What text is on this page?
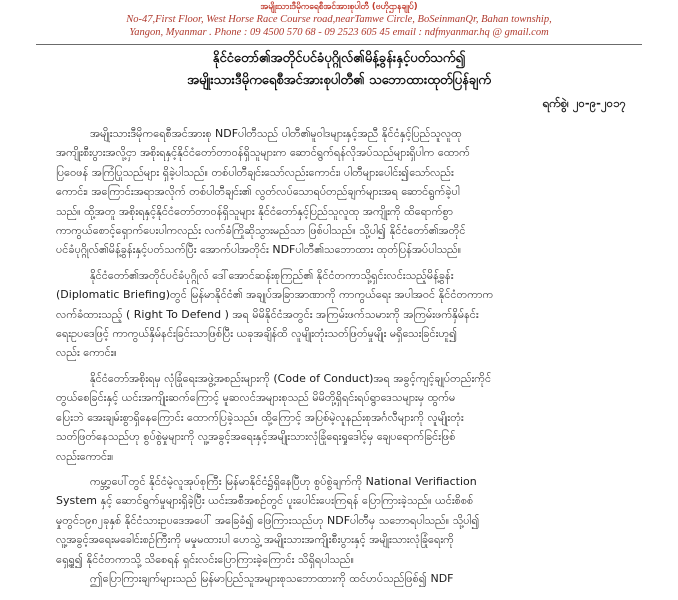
အမျိုးသားဒီမိုကရေစီအင်အားစုပါတီ (ဗဟိုဌာနချုပ်)
No-47,First Floor, West Horse Race Course road,nearTamwe Circle, BoSeinmanQr, Bahan township,
Yangon, Myanmar . Phone : 09 4500 570 68 - 09 2523 605 45 email : ndfmyanmar.hq @ gmail.com
နိုင်ငံတော်၏အတိုင်ပင်ခံပုဂ္ဂိုလ်၏မိန့်ခွန်းနှင့်ပတ်သက်၍
အမျိုးသားဒီမိုကရေစီအင်အားစုပါတီ၏ သဘောထားထုတ်ပြန်ချက်
ရက်စွဲ၊ ၂၀-၉-၂၀၁၇
အမျိုးသားဒီမိုကရေစီအင်အားစု NDFပါတီသည် ပါတီ၏မူဝါဒများနှင့်အညီ နိုင်ငံနှင့်ပြည်သူလူထု
အကျိုးစီးပွားအလို့ငှာ အစိုးရနှင့်နိုင်ငံတော်တာဝန်ရှိသူများက ဆောင်ရွက်ရန်လိုအပ်သည်များရှိပါက ထောက်
ပြဝေဖန် အကြံပြုသည်များ ရှိခဲ့ပါသည်။ တစ်ပါတီချင်းသော်လည်းကောင်း၊ ပါတီများပေါင်း၍သော်လည်း
ကောင်း၊ အကြောင်းအရာအလိုက် တစ်ပါတီချင်း၏ လွတ်လပ်သောရပ်တည်ချက်များအရ ဆောင်ရွက်ခဲ့ပါ
သည်။ ထို့အတူ အစိုးရနှင့်နိုင်ငံတော်တာဝန်ရှိသူများ နိုင်ငံတော်နှင့်ပြည်သူလူထု အကျိုးကို ထိရောက်စွာ
ကာကွယ်စောင့်ရှောက်ပေးပါကလည်း လက်ခံကြိုဆိုသွားမည်သာ ဖြစ်ပါသည်။ သို့ပါ၍ နိုင်ငံတော်၏အတိုင်
ပင်ခံပုဂ္ဂိုလ်၏မိန့်ခွန်းနှင့်ပတ်သက်ပြီး အောက်ပါအတိုင်း NDFပါတီ၏သဘောထား ထုတ်ပြန်အပ်ပါသည်။
နိုင်ငံတော်၏အတိုင်ပင်ခံပုဂ္ဂိုလ် ဒေါ်အောင်ဆန်းစုကြည်၏ နိုင်ငံတကာသို့ရှင်းလင်းသည့်မိန့်ခွန်း
(Diplomatic Briefing)တွင် မြန်မာနိုင်ငံ၏ အချုပ်အခြာအာဏာကို ကာကွယ်ရေး အပါအဝင် နိုင်ငံတကာက
လက်ခံထားသည့် ( Right To Defend ) အရ မိမိနိုင်ငံအတွင်း အကြမ်းဖက်သမားကို အကြမ်းဖက်နှိမ်နင်း
ရေးဥပဒေဖြင့် ကာကွယ်နှိမ်နင်းခြင်းသာဖြစ်ပြီး ယခုအချိန်ထိ လူမျိုးတုံးသတ်ဖြတ်မှုမျိုး မရှိသေးခြင်းဟူ၍
လည်း ကောင်း။
နိုင်ငံတော်အစိုးရမှ လုံခြုံရေးအဖွဲ့အစည်းများကို (Code of Conduct)အရ အခွင့်ကျင့်ချုပ်တည်းကိုင်
တွယ်စေခြင်းနှင့် ယင်းအကျိုးဆက်ကြောင့် မူဆလင်အများစုသည် မိမိတို့ရှိရင်းရပ်ရွာဒေသများမှ ထွက်မ
ပြေးဘဲ အေးချမ်းစွာရှိနေကြောင်း ထောက်ပြခဲ့သည်။ ထို့ကြောင့် အပြစ်မဲ့လူနည်းစုအင်္ဂလီများကို လူမျိုးတုံး
သတ်ဖြတ်နေသည်ဟု စွပ်စွဲမှုများကို လူ့အခွင့်အရေးနှင့်အမျိုးသားလုံခြုံရေးရှုဒေါင့်မှ ချေပရောက်ခြင်းဖြစ်
လည်းကောင်း။
ကမ္ဘာ့ပေါ်တွင် နိုင်ငံမဲ့လူအုပ်စုကြီး မြန်မာနိုင်ငံ၌ရှိနေပြီဟု စွပ်စွဲချက်ကို National Verifiaction
System နှင့် ဆောင်ရွက်မှုများရှိခဲ့ပြီး ယင်းအစီအစဉ်တွင် ပူးပေါင်းပေးကြရန် ပြောကြားခဲ့သည်။ ယင်းစိစစ်
မှုတွင်၁၉၈၂ခုနှစ် နိုင်ငံသားဥပဒေအပေါ် အခြေခံ၍ ဖြေကြားသည်ဟု NDFပါတီမှ သဘောရပါသည်။ သို့ပါ၍
လူ့အခွင့်အရေးမခေါင်းစဉ်ကြီးကို မမှုမထားပါ ဟေသွဲ့ အမျိုးသားအကျိုးစီးပွားနှင့် အမျိုးသားလုံခြုံရေးကို
ရှေ့ရှု၍ နိုင်ငံတကာသို့ သိစေရန် ရှင်းလင်းပြောကြားခဲ့ကြောင်း သိရှိရပါသည်။
ဤပြောကြားချက်များသည် မြန်မာပြည်သူအများစုသဘောထားကို ထင်ဟပ်သည်ဖြစ်၍ NDF
